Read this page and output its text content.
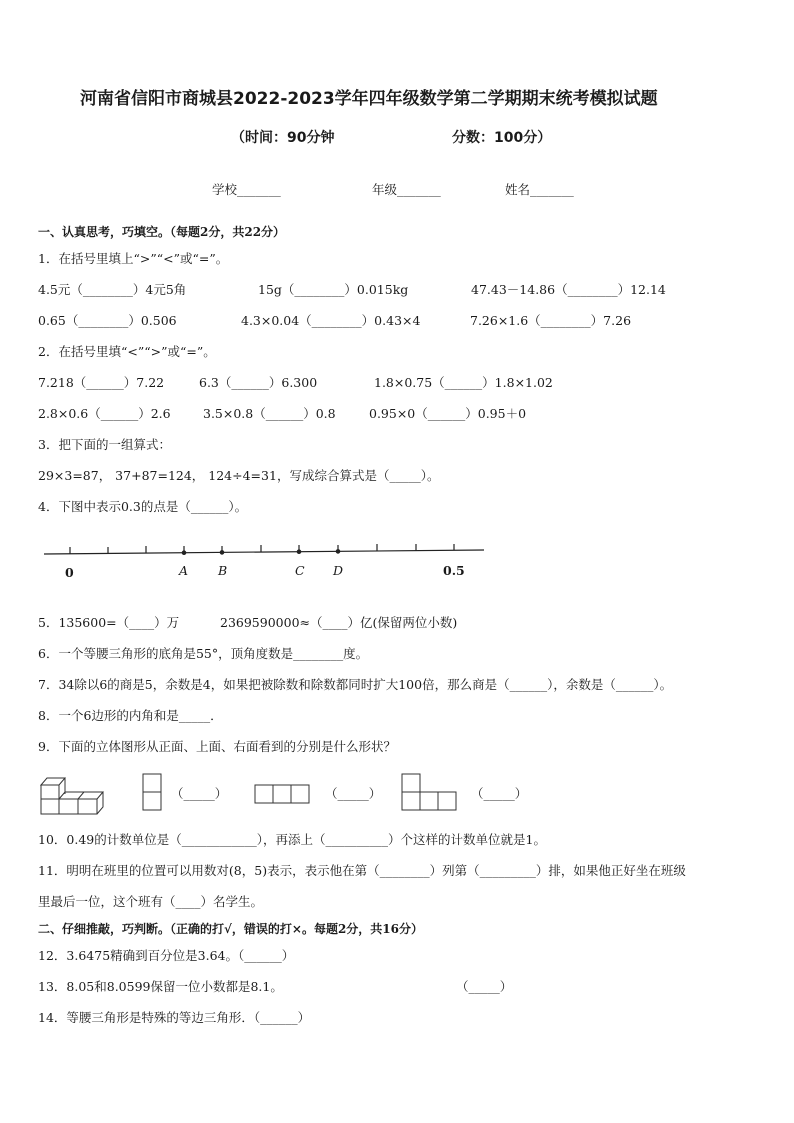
河南省信阳市商城县2022-2023学年四年级数学第二学期期末统考模拟试题
（时间：90分钟	分数：100分）
学校_______	年级_______	姓名_______
一、认真思考，巧填空。（每题2分，共22分）
1．在括号里填上“>”“<”或“=”。
4.5元（________）4元5角	15g（________）0.015kg	47.43－14.86（________）12.14
0.65（________）0.506	4.3×0.04（________）0.43×4	7.26×1.6（________）7.26
2．在括号里填“<”“>”或“=”。
7.218（______）7.22	6.3（______）6.300	1.8×0.75（______）1.8×1.02
2.8×0.6（______）2.6	3.5×0.8（______）0.8	0.95×0（______）0.95＋0
3．把下面的一组算式：
29×3=87， 37+87=124， 124÷4=31，写成综合算式是（_____）。
4．下图中表示0.3的点是（______）。
0	A B	C D	0.5
5．135600=（____）万	2369590000≈（____）亿(保留两位小数)
6．一个等腰三角形的底角是55°，顶角度数是________度。
7．34除以6的商是5，余数是4，如果把被除数和除数都同时扩大100倍，那么商是（______），余数是（______）。
8．一个6边形的内角和是_____．
9．下面的立体图形从正面、上面、右面看到的分别是什么形状？
（_____）	（_____）	（_____）
10．0.49的计数单位是（____________），再添上（__________）个这样的计数单位就是1。
11．明明在班里的位置可以用数对(8，5)表示，表示他在第（________）列第（_________）排，如果他正好坐在班级
里最后一位，这个班有（____）名学生。
二、仔细推敲，巧判断。（正确的打√，错误的打×。每题2分，共16分）
12．3.6475精确到百分位是3.64。（______）
13．8.05和8.0599保留一位小数都是8.1。	（_____）
14．等腰三角形是特殊的等边三角形．（______）
